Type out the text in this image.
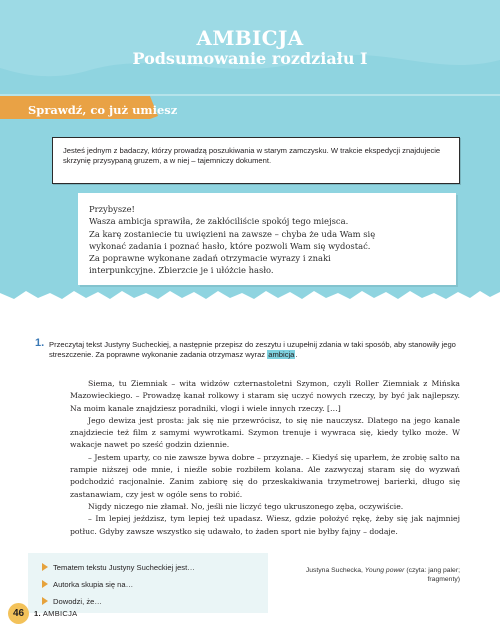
AMBICJA
Podsumowanie rozdziału I
Sprawdź, co już umiesz

Jesteś jednym z badaczy, którzy prowadzą poszukiwania w starym zamczysku. W trakcie ekspedycji znajdujecie skrzynię przysypaną gruzem, a w niej – tajemniczy dokument.

Przybysze!
Wasza ambicja sprawiła, że zakłóciliście spokój tego miejsca.
Za karę zostaniecie tu uwięzieni na zawsze – chyba że uda Wam się
wykonać zadania i poznać hasło, które pozwoli Wam się wydostać.
Za poprawne wykonane zadań otrzymacie wyrazy i znaki
interpunkcyjne. Zbierzcie je i ułóżcie hasło.

1. Przeczytaj tekst Justyny Sucheckiej, a następnie przepisz do zeszytu i uzupełnij zdania w taki sposób, aby stanowiły jego streszczenie. Za poprawne wykonanie zadania otrzymasz wyraz ambicja.

Siema, tu Ziemniak – wita widzów czternastoletni Szymon, czyli Roller Ziemniak z Mińska Mazowieckiego. – Prowadzę kanał rolkowy i staram się uczyć nowych rzeczy, by być jak najlepszy. Na moim kanale znajdziesz poradniki, vlogi i wiele innych rzeczy. […]

Jego dewiza jest prosta: jak się nie przewrócisz, to się nie nauczysz. Dlatego na jego kanale znajdziecie też film z samymi wywrotkami. Szymon trenuje i wywraca się, kiedy tylko może. W wakacje nawet po sześć godzin dziennie.

– Jestem uparty, co nie zawsze bywa dobre – przyznaje. – Kiedyś się uparłem, że zrobię salto na rampie niższej ode mnie, i nieźle sobie rozbiłem kolana. Ale zazwyczaj staram się do wyzwań podchodzić racjonalnie. Zanim zabiorę się do przeskakiwania trzymetrowej barierki, długo się zastanawiam, czy jest w ogóle sens to robić.

Nigdy niczego nie złamał. No, jeśli nie liczyć tego ukruszonego zęba, oczywiście.

– Im lepiej jeździsz, tym lepiej też upadasz. Wiesz, gdzie położyć rękę, żeby się jak najmniej potłuc. Gdyby zawsze wszystko się udawało, to żaden sport nie byłby fajny – dodaje.

Justyna Suchecka, Young power (czyta: jang paler; fragmenty)
Tematem tekstu Justyny Sucheckiej jest…
Autorka skupia się na…
Dowodzi, że…
46	1. AMBICJA
